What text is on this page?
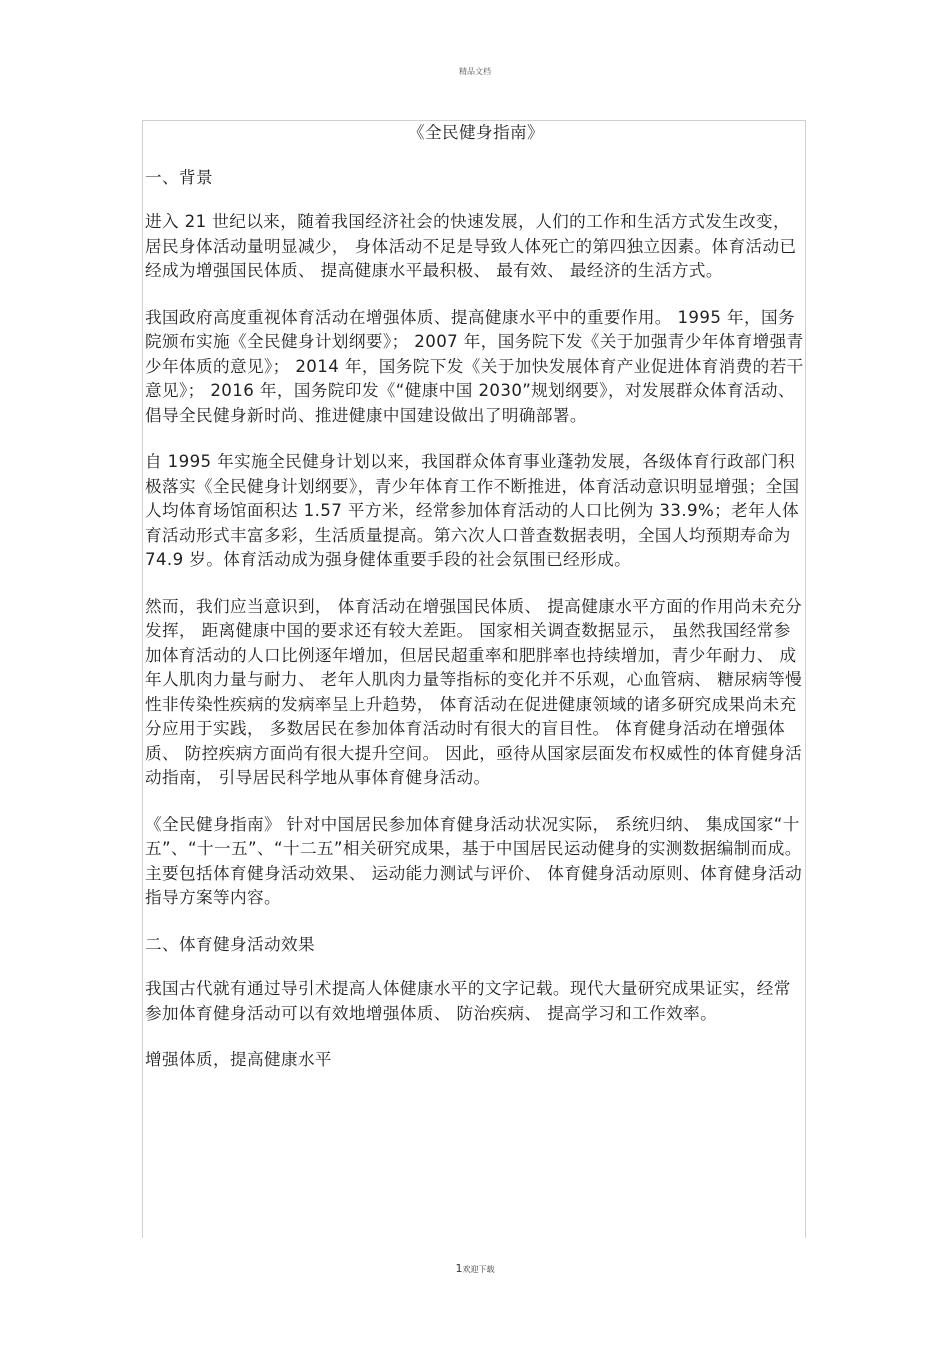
精品文档
《全民健身指南》
一、背景
进入 21 世纪以来，随着我国经济社会的快速发展，人们的工作和生活方式发生改变，居民身体活动量明显减少， 身体活动不足是导致人体死亡的第四独立因素。体育活动已经成为增强国民体质、 提高健康水平最积极、 最有效、 最经济的生活方式。
我国政府高度重视体育活动在增强体质、提高健康水平中的重要作用。 1995 年，国务院颁布实施《全民健身计划纲要》； 2007 年，国务院下发《关于加强青少年体育增强青少年体质的意见》； 2014 年，国务院下发《关于加快发展体育产业促进体育消费的若干意见》； 2016 年，国务院印发《“健康中国 2030”规划纲要》，对发展群众体育活动、倡导全民健身新时尚、推进健康中国建设做出了明确部署。
自 1995 年实施全民健身计划以来，我国群众体育事业蓬勃发展，各级体育行政部门积极落实《全民健身计划纲要》，青少年体育工作不断推进，体育活动意识明显增强；全国人均体育场馆面积达 1.57 平方米，经常参加体育活动的人口比例为 33.9%；老年人体育活动形式丰富多彩，生活质量提高。第六次人口普查数据表明，全国人均预期寿命为 74.9 岁。体育活动成为强身健体重要手段的社会氛围已经形成。
然而，我们应当意识到， 体育活动在增强国民体质、 提高健康水平方面的作用尚未充分发挥， 距离健康中国的要求还有较大差距。 国家相关调查数据显示， 虽然我国经常参加体育活动的人口比例逐年增加，但居民超重率和肥胖率也持续增加，青少年耐力、 成年人肌肉力量与耐力、 老年人肌肉力量等指标的变化并不乐观，心血管病、 糖尿病等慢性非传染性疾病的发病率呈上升趋势， 体育活动在促进健康领域的诸多研究成果尚未充分应用于实践， 多数居民在参加体育活动时有很大的盲目性。 体育健身活动在增强体质、 防控疾病方面尚有很大提升空间。 因此，亟待从国家层面发布权威性的体育健身活动指南， 引导居民科学地从事体育健身活动。
《全民健身指南》 针对中国居民参加体育健身活动状况实际， 系统归纳、 集成国家“十五”、“十一五”、“十二五”相关研究成果，基于中国居民运动健身的实测数据编制而成。 主要包括体育健身活动效果、 运动能力测试与评价、 体育健身活动原则、体育健身活动指导方案等内容。
二、体育健身活动效果
我国古代就有通过导引术提高人体健康水平的文字记载。现代大量研究成果证实，经常参加体育健身活动可以有效地增强体质、 防治疾病、 提高学习和工作效率。
增强体质，提高健康水平
1欢迎下载
